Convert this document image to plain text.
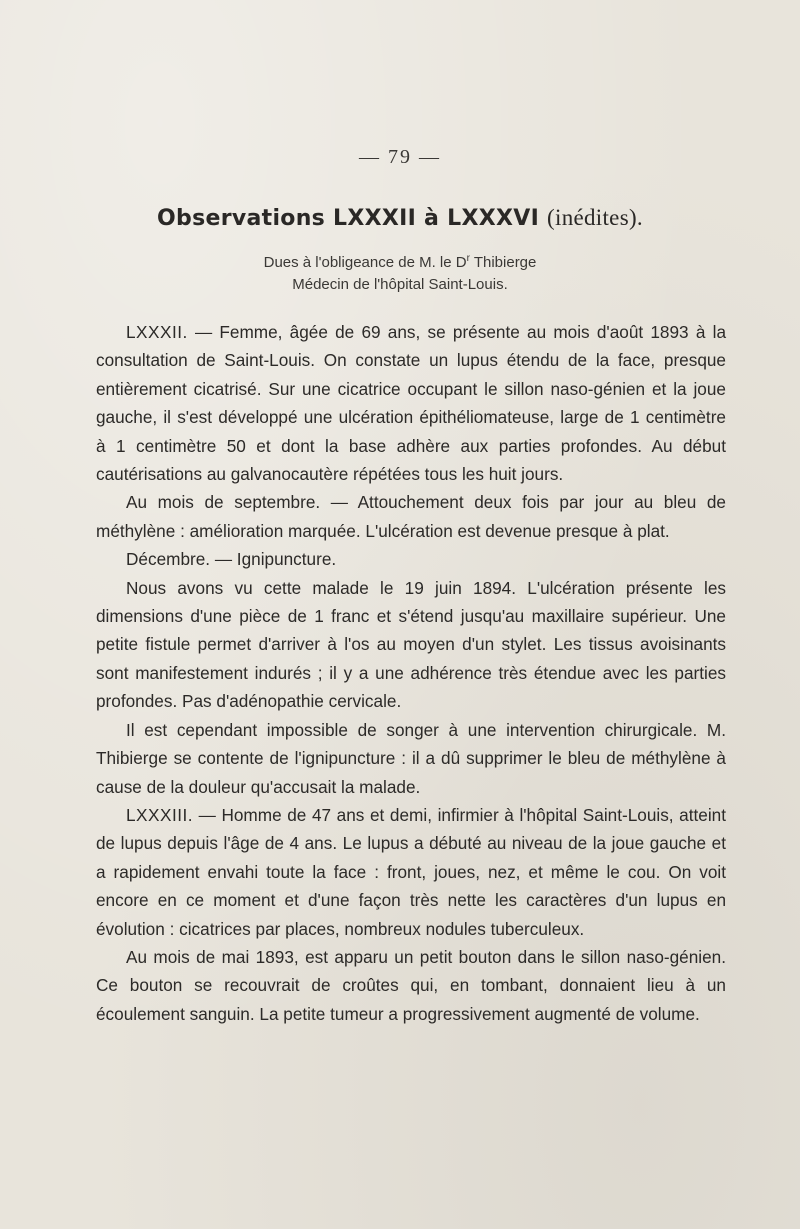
— 79 —
Observations LXXXII à LXXXVI (inédites).
Dues à l'obligeance de M. le $D^r$ Thibierge
Médecin de l'hôpital Saint-Louis.

LXXXII. — Femme, âgée de 69 ans, se présente au mois d'août 1893 à la consultation de Saint-Louis. On constate un lupus étendu de la face, presque entièrement cicatrisé. Sur une cicatrice occupant le sillon naso-génien et la joue gauche, il s'est développé une ulcération épithéliomateuse, large de 1 centimètre à 1 centimètre 50 et dont la base adhère aux parties profondes. Au début cautérisations au galvanocautère répétées tous les huit jours.

Au mois de septembre. — Attouchement deux fois par jour au bleu de méthylène : amélioration marquée. L'ulcération est devenue presque à plat.

Décembre. — Ignipuncture.

Nous avons vu cette malade le 19 juin 1894. L'ulcération présente les dimensions d'une pièce de 1 franc et s'étend jusqu'au maxillaire supérieur. Une petite fistule permet d'arriver à l'os au moyen d'un stylet. Les tissus avoisinants sont manifestement indurés ; il y a une adhérence très étendue avec les parties profondes. Pas d'adénopathie cervicale.

Il est cependant impossible de songer à une intervention chirurgicale. M. Thibierge se contente de l'ignipuncture : il a dû supprimer le bleu de méthylène à cause de la douleur qu'accusait la malade.

LXXXIII. — Homme de 47 ans et demi, infirmier à l'hôpital Saint-Louis, atteint de lupus depuis l'âge de 4 ans. Le lupus a débuté au niveau de la joue gauche et a rapidement envahi toute la face : front, joues, nez, et même le cou. On voit encore en ce moment et d'une façon très nette les caractères d'un lupus en évolution : cicatrices par places, nombreux nodules tuberculeux.

Au mois de mai 1893, est apparu un petit bouton dans le sillon naso-génien. Ce bouton se recouvrait de croûtes qui, en tombant, donnaient lieu à un écoulement sanguin. La petite tumeur a progressivement augmenté de volume.
